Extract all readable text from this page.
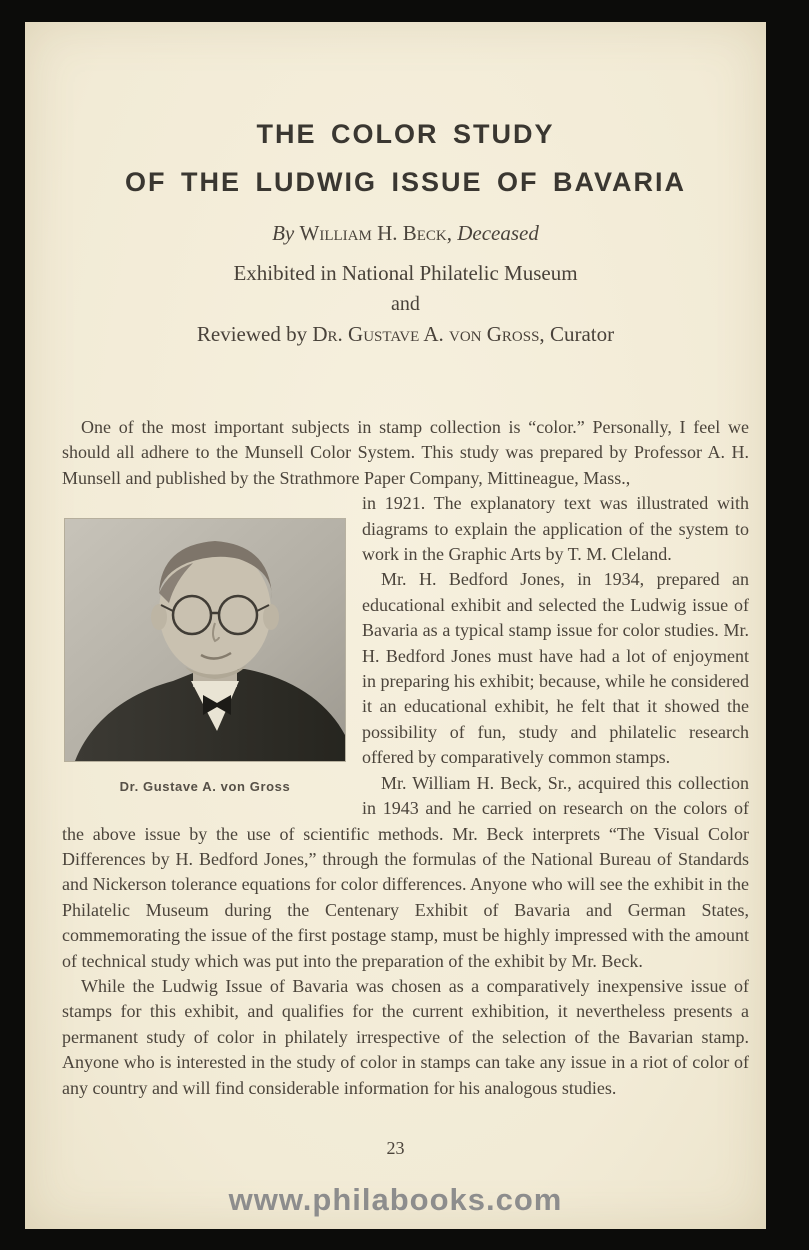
THE COLOR STUDY
OF THE LUDWIG ISSUE OF BAVARIA

By William H. Beck, Deceased

Exhibited in National Philatelic Museum

and

Reviewed by Dr. Gustave A. von Gross, Curator

One of the most important subjects in stamp collection is “color.” Personally, I feel we should all adhere to the Munsell Color System. This study was prepared by Professor A. H. Munsell and published by the Strathmore Paper Company, Mittineague, Mass.,

Dr. Gustave A. von Gross

in 1921. The explanatory text was illustrated with diagrams to explain the application of the system to work in the Graphic Arts by T. M. Cleland.

Mr. H. Bedford Jones, in 1934, prepared an educational exhibit and selected the Ludwig issue of Bavaria as a typical stamp issue for color studies. Mr. H. Bedford Jones must have had a lot of enjoyment in preparing his exhibit; because, while he considered it an educational exhibit, he felt that it showed the possibility of fun, study and philatelic research offered by comparatively common stamps.

Mr. William H. Beck, Sr., acquired this collection in 1943 and he carried on research on the colors of the above issue by the use of scientific methods. Mr. Beck interprets “The Visual Color Differences by H. Bedford Jones,” through the formulas of the National Bureau of Standards and Nickerson tolerance equations for color differences. Anyone who will see the exhibit in the Philatelic Museum during the Centenary Exhibit of Bavaria and German States, commemorating the issue of the first postage stamp, must be highly impressed with the amount of technical study which was put into the preparation of the exhibit by Mr. Beck.

While the Ludwig Issue of Bavaria was chosen as a comparatively inexpensive issue of stamps for this exhibit, and qualifies for the current exhibition, it nevertheless presents a permanent study of color in philately irrespective of the selection of the Bavarian stamp. Anyone who is interested in the study of color in stamps can take any issue in a riot of color of any country and will find considerable information for his analogous studies.

23
www.philabooks.com
